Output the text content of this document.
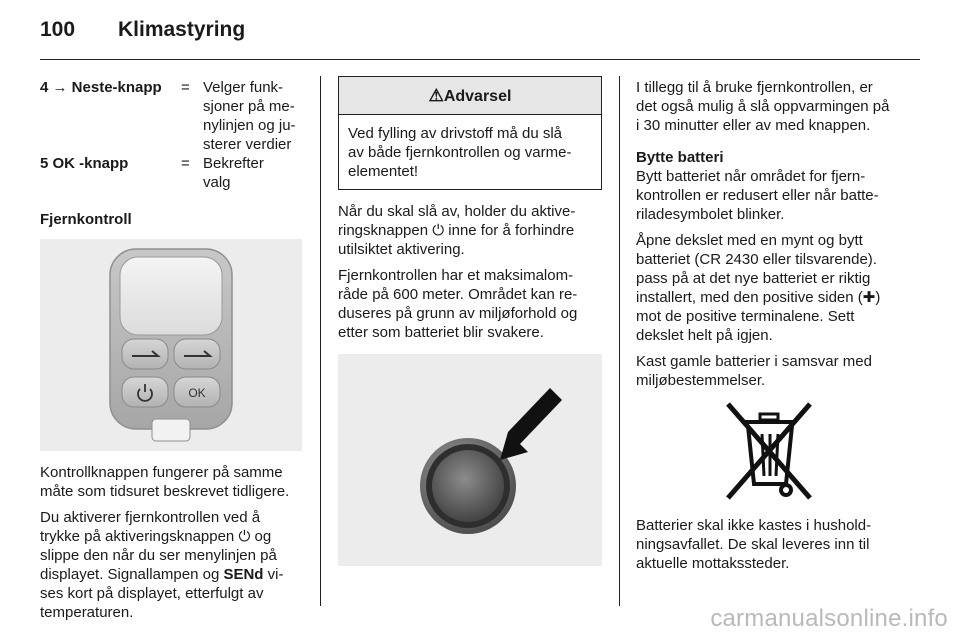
100 Klimastyring
4 → Neste-knapp	= Velger funk-
sjoner på me-
nylinjen og ju-
sterer verdier
5 OK -knapp	= Bekrefter
valg
Fjernkontroll
OK
Kontrollknappen fungerer på samme
måte som tidsuret beskrevet tidligere.
Du aktiverer fjernkontrollen ved å
trykke på aktiveringsknappen ⏻ og
slippe den når du ser menylinjen på
displayet. Signallampen og SENd vi-
ses kort på displayet, etterfulgt av
temperaturen.
⚠Advarsel
Ved fylling av drivstoff må du slå
av både fjernkontrollen og varme-
elementet!
Når du skal slå av, holder du aktive-
ringsknappen ⏻ inne for å forhindre
utilsiktet aktivering.
Fjernkontrollen har et maksimalom-
råde på 600 meter. Området kan re-
duseres på grunn av miljøforhold og
etter som batteriet blir svakere.
I tillegg til å bruke fjernkontrollen, er
det også mulig å slå oppvarmingen på
i 30 minutter eller av med knappen.
Bytte batteri
Bytt batteriet når området for fjern-
kontrollen er redusert eller når batte-
riladesymbolet blinker.
Åpne dekslet med en mynt og bytt
batteriet (CR 2430 eller tilsvarende).
pass på at det nye batteriet er riktig
installert, med den positive siden (✚)
mot de positive terminalene. Sett
dekslet helt på igjen.
Kast gamle batterier i samsvar med
miljøbestemmelser.
Batterier skal ikke kastes i hushold-
ningsavfallet. De skal leveres inn til
aktuelle mottakssteder.
carmanualsonline.info
